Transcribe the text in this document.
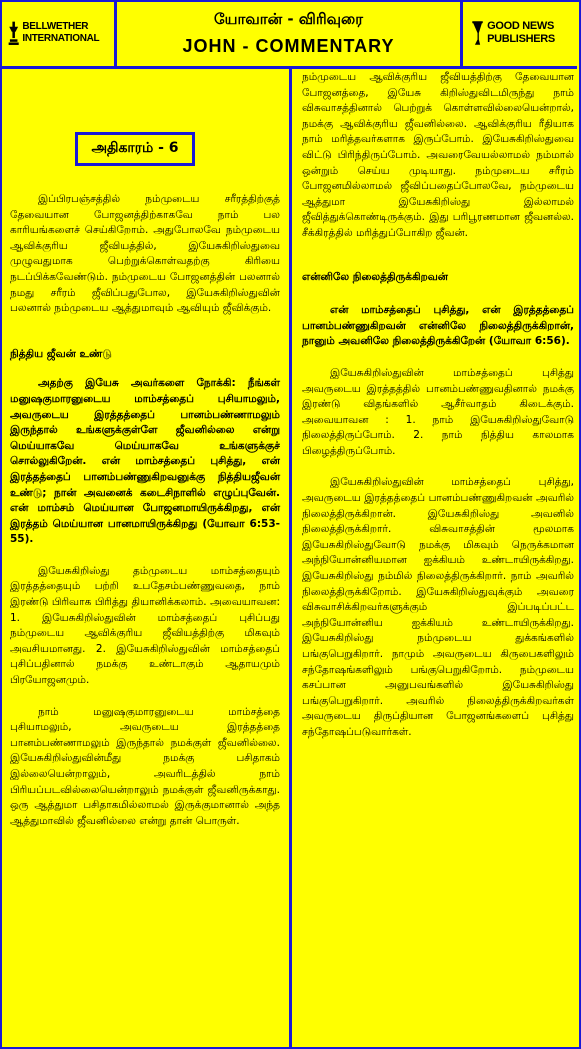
BELLWETHER INTERNATIONAL
யோவான் - விரிவுரை
JOHN - COMMENTARY
GOOD NEWS PUBLISHERS
அதிகாரம் - 6

இப்பிரபஞ்சத்தில் நம்முடைய சரீரத்திற்குத் தேவையான போஜனத்திற்காகவே நாம் பல காரியங்களைச் செய்கிறோம். அதுபோலவே நம்முடைய ஆவிக்குரிய ஜீவியத்தில், இயேசுகிறிஸ்துவை முழுவதுமாக பெற்றுக்கொள்வதற்கு கிரியை நடப்பிக்கவேண்டும். நம்முடைய போஜனத்தின் பலனால் நமது சரீரம் ஜீவிப்பதுபோல, இயேசுகிறிஸ்துவின் பலனால் நம்முடைய ஆத்துமாவும் ஆவியும் ஜீவிக்கும்.

நித்திய ஜீவன் உண்டு

அதற்கு இயேசு அவர்களை நோக்கி: நீங்கள் மனுஷகுமாரனுடைய மாம்சத்தைப் புசியாமலும், அவருடைய இரத்தத்தைப் பானம்பண்ணாமலும் இருந்தால் உங்களுக்குள்ளே ஜீவனில்லை என்று மெய்யாகவே மெய்யாகவே உங்களுக்குச் சொல்லுகிறேன். என் மாம்சத்தைப் புசித்து, என் இரத்தத்தைப் பானம்பண்ணுகிறவனுக்கு நித்தியஜீவன் உண்டு; நான் அவனைக் கடைசிநாளில் எழுப்புவேன். என் மாம்சம் மெய்யான போஜனமாயிருக்கிறது, என் இரத்தம் மெய்யான பானமாயிருக்கிறது (யோவா 6:53-55).

இயேசுகிறிஸ்து தம்முடைய மாம்சத்தையும் இரத்தத்தையும் பற்றி உபதேசம்பண்ணுவதை, நாம் இரண்டு பிரிவாக பிரித்து தியானிக்கலாம். அவையாவன: 1. இயேசுகிறிஸ்துவின் மாம்சத்தைப் புசிப்பது நம்முடைய ஆவிக்குரிய ஜீவியத்திற்கு மிகவும் அவசியமானது. 2. இயேசுகிறிஸ்துவின் மாம்சத்தைப் புசிப்பதினால் நமக்கு உண்டாகும் ஆதாயமும் பிரயோஜனமும்.

நாம் மனுஷகுமாரனுடைய மாம்சத்தை புசியாமலும், அவருடைய இரத்தத்தை பானம்பண்ணாமலும் இருந்தால் நமக்குள் ஜீவனில்லை. இயேசுகிறிஸ்துவின்மீது நமக்கு பசிதாகம் இல்லையென்றாலும், அவரிடத்தில் நாம் பிரியப்படவில்லையென்றாலும் நமக்குள் ஜீவனிருக்காது. ஒரு ஆத்துமா பசிதாகமில்லாமல் இருக்குமானால் அந்த ஆத்துமாவில் ஜீவனில்லை என்று தான் பொருள்.

நம்முடைய ஆவிக்குரிய ஜீவியத்திற்கு தேவையான போஜனத்தை, இயேசு கிறிஸ்துவிடமிருந்து நாம் விசுவாசத்தினால் பெற்றுக் கொள்ளவில்லையென்றால், நமக்கு ஆவிக்குரிய ஜீவனில்லை. ஆவிக்குரிய ரீதியாக நாம் மரித்தவர்களாக இருப்போம். இயேசுகிறிஸ்துவை விட்டு பிரிந்திருப்போம். அவரைவேயல்லாமல் நம்மால் ஒன்றும் செய்ய முடியாது. நம்முடைய சரீரம் போஜனமில்லாமல் ஜீவிப்பதைப்போலவே, நம்முடைய ஆத்துமா இயேசுகிறிஸ்து இல்லாமல் ஜீவித்துக்கொண்டிருக்கும். இது பரிபூரணமான ஜீவனல்ல. சீக்கிரத்தில் மரித்துப்போகிற ஜீவன்.

என்னிலே நிலைத்திருக்கிறவன்

என் மாம்சத்தைப் புசித்து, என் இரத்தத்தைப் பானம்பண்ணுகிறவன் என்னிலே நிலைத்திருக்கிறான், நானும் அவனிலே நிலைத்திருக்கிறேன் (யோவா 6:56).

இயேசுகிறிஸ்துவின் மாம்சத்தைப் புசித்து அவருடைய இரத்தத்தில் பானம்பண்ணுவதினால் நமக்கு இரண்டு விதங்களில் ஆசீர்வாதம் கிடைக்கும். அவையாவன : 1. நாம் இயேசுகிறிஸ்துவோடு நிலைத்திருப்போம். 2. நாம் நித்திய காலமாக பிழைத்திருப்போம்.

இயேசுகிறிஸ்துவின் மாம்சத்தைப் புசித்து, அவருடைய இரத்தத்தைப் பானம்பண்ணுகிறவன் அவரில் நிலைத்திருக்கிறான். இயேசுகிறிஸ்து அவனில் நிலைத்திருக்கிறார். விசுவாசத்தின் மூலமாக இயேசுகிறிஸ்துவோடு நமக்கு மிகவும் நெருக்கமான அந்நியோன்னியமான ஐக்கியம் உண்டாயிருக்கிறது. இயேசுகிறிஸ்து நம்மில் நிலைத்திருக்கிறார். நாம் அவரில் நிலைத்திருக்கிறோம். இயேசுகிறிஸ்துவுக்கும் அவரை விசுவாசிக்கிறவர்களுக்கும் இப்படிப்பட்ட அந்நியோன்னிய ஐக்கியம் உண்டாயிருக்கிறது. இயேசுகிறிஸ்து நம்முடைய துக்கங்களில் பங்குபெறுகிறார். நாமும் அவருடைய கிருபைகளிலும் சந்தோஷங்களிலும் பங்குபெறுகிறோம். நம்முடைய கசப்பான அனுபவங்களில் இயேசுகிறிஸ்து பங்குபெறுகிறார். அவரில் நிலைத்திருக்கிறவர்கள் அவருடைய திருப்தியான போஜனங்களைப் புசித்து சந்தோஷப்படுவார்கள்.
